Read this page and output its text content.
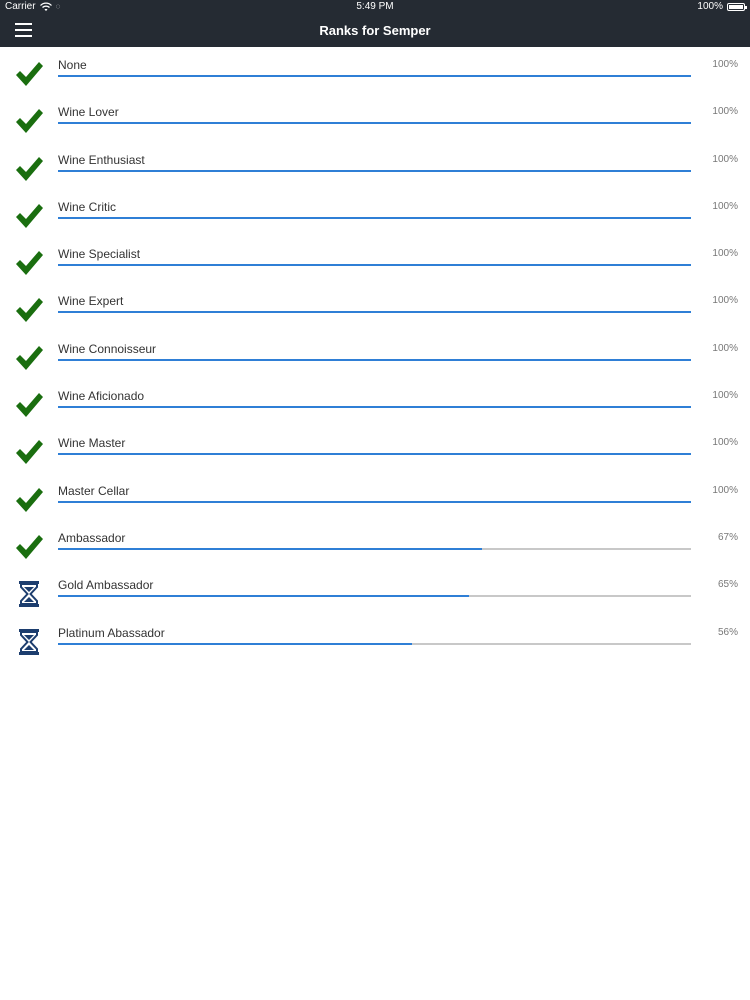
Carrier	◌	5:49 PM	100%
Ranks for Semper
None	100%
Wine Lover	100%
Wine Enthusiast	100%
Wine Critic	100%
Wine Specialist	100%
Wine Expert	100%
Wine Connoisseur	100%
Wine Aficionado	100%
Wine Master	100%
Master Cellar	100%
Ambassador	67%
Gold Ambassador	65%
Platinum Abassador	56%
